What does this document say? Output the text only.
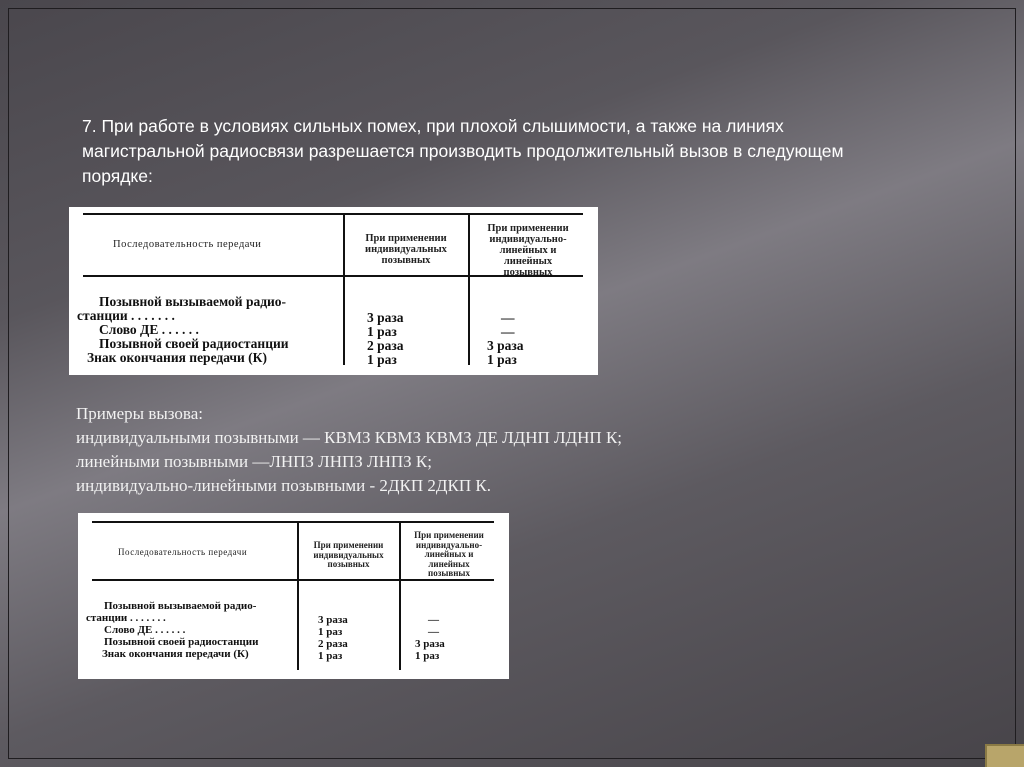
7. При работе в условиях сильных помех, при плохой слышимости, а также на линиях
магистральной радиосвязи разрешается производить продолжительный вызов в следующем
порядке:
Последовательность передачи
При применении
индивидуальных
позывных
При применении
индивидуально-
линейных и
линейных
позывных
Позывной вызываемой радио-
станции . . . . . . .
Слово ДЕ . . . . . .
Позывной своей радиостанции
Знак окончания передачи (К)
3 раза
1 раз
2 раза
1 раз
—
—
3 раза
1 раз
Примеры вызова:
индивидуальными позывными — КВМЗ КВМЗ КВМЗ ДЕ ЛДНП ЛДНП К;
линейными позывными —ЛНПЗ ЛНПЗ ЛНПЗ К;
индивидуально-линейными позывными - 2ДКП 2ДКП К.
Последовательность передачи
При применении
индивидуальных
позывных
При применении
индивидуально-
линейных и
линейных
позывных
Позывной вызываемой радио-
станции . . . . . . .
Слово ДЕ . . . . . .
Позывной своей радиостанции
Знак окончания передачи (К)
3 раза
1 раз
2 раза
1 раз
—
—
3 раза
1 раз
